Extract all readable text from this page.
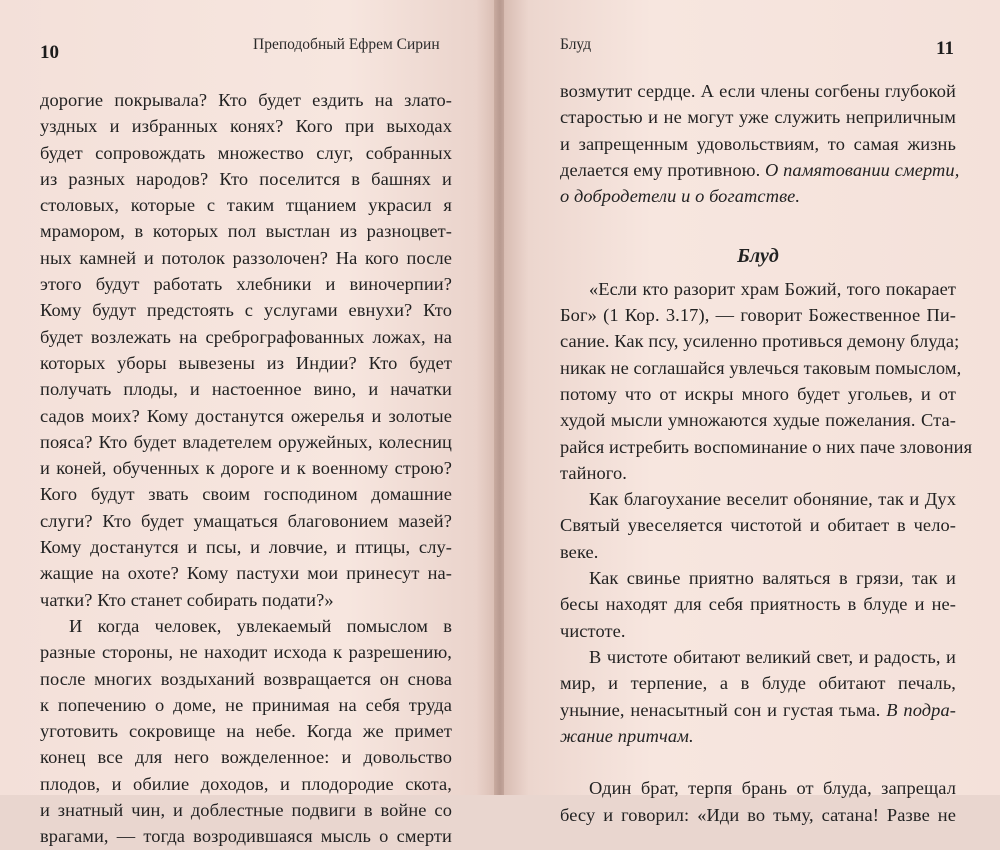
10	Преподобный Ефрем Сирин
дорогие покрывала? Кто будет ездить на злато-
уздных и избранных конях? Кого при выходах
будет сопровождать множество слуг, собранных
из разных народов? Кто поселится в башнях и
столовых, которые с таким тщанием украсил я
мрамором, в которых пол выстлан из разноцвет-
ных камней и потолок раззолочен? На кого после
этого будут работать хлебники и виночерпии?
Кому будут предстоять с услугами евнухи? Кто
будет возлежать на сребрографованных ложах, на
которых уборы вывезены из Индии? Кто будет
получать плоды, и настоенное вино, и начатки
садов моих? Кому достанутся ожерелья и золотые
пояса? Кто будет владетелем оружейных, колесниц
и коней, обученных к дороге и к военному строю?
Кого будут звать своим господином домашние
слуги? Кто будет умащаться благовонием мазей?
Кому достанутся и псы, и ловчие, и птицы, слу-
жащие на охоте? Кому пастухи мои принесут на-
чатки? Кто станет собирать подати?»
И когда человек, увлекаемый помыслом в
разные стороны, не находит исхода к разрешению,
после многих воздыханий возвращается он снова
к попечению о доме, не принимая на себя труда
уготовить сокровище на небе. Когда же примет
конец все для него вожделенное: и довольство
плодов, и обилие доходов, и плодородие скота,
и знатный чин, и доблестные подвиги в войне со
врагами, — тогда возродившаяся мысль о смерти
Блуд	11
возмутит сердце. А если члены согбены глубокой
старостью и не могут уже служить неприличным
и запрещенным удовольствиям, то самая жизнь
делается ему противною. О памятовании смерти,
о добродетели и о богатстве.
Блуд
«Если кто разорит храм Божий, того покарает
Бог» (1 Кор. 3.17), — говорит Божественное Пи-
сание. Как псу, усиленно противься демону блуда;
никак не соглашайся увлечься таковым помыслом,
потому что от искры много будет угольев, и от
худой мысли умножаются худые пожелания. Ста-
райся истребить воспоминание о них паче зловония
тайного.
Как благоухание веселит обоняние, так и Дух
Святый увеселяется чистотой и обитает в чело-
веке.
Как свинье приятно валяться в грязи, так и
бесы находят для себя приятность в блуде и не-
чистоте.
В чистоте обитают великий свет, и радость, и
мир, и терпение, а в блуде обитают печаль,
уныние, ненасытный сон и густая тьма. В подра-
жание притчам.
Один брат, терпя брань от блуда, запрещал
бесу и говорил: «Иди во тьму, сатана! Разве не
